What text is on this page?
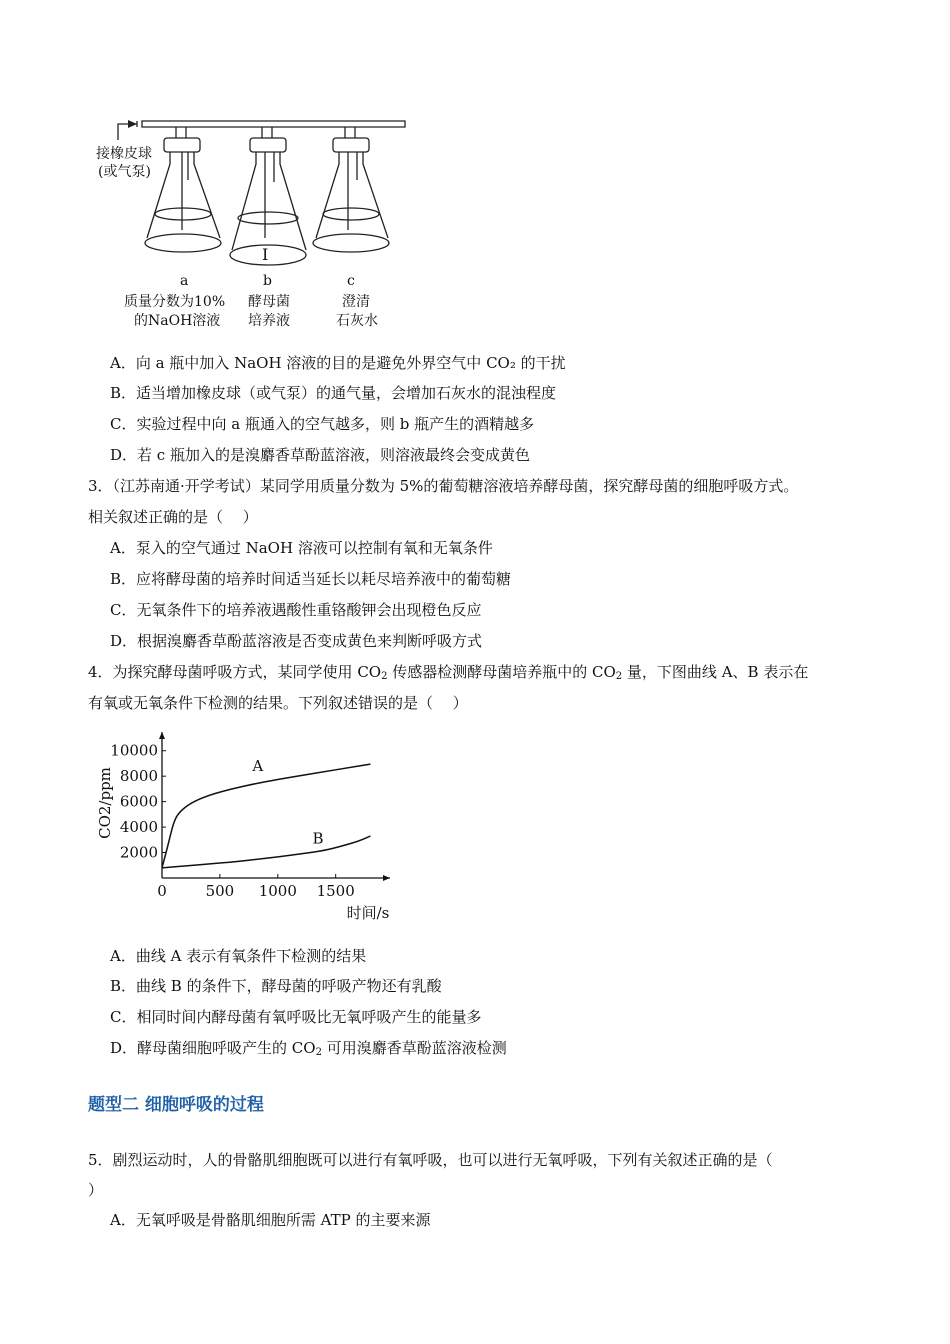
接橡皮球
(或气泵)
a
质量分数为10%
的NaOH溶液
I
b
酵母菌
培养液
c
澄清
石灰水
A．向 a 瓶中加入 NaOH 溶液的目的是避免外界空气中 CO₂ 的干扰
B．适当增加橡皮球（或气泵）的通气量，会增加石灰水的混浊程度
C．实验过程中向 a 瓶通入的空气越多，则 b 瓶产生的酒精越多
D．若 c 瓶加入的是溴麝香草酚蓝溶液，则溶液最终会变成黄色
3．（江苏南通·开学考试）某同学用质量分数为 5%的葡萄糖溶液培养酵母菌，探究酵母菌的细胞呼吸方式。
相关叙述正确的是（　 ）
A．泵入的空气通过 NaOH 溶液可以控制有氧和无氧条件
B．应将酵母菌的培养时间适当延长以耗尽培养液中的葡萄糖
C．无氧条件下的培养液遇酸性重铬酸钾会出现橙色反应
D．根据溴麝香草酚蓝溶液是否变成黄色来判断呼吸方式
4．为探究酵母菌呼吸方式，某同学使用 $CO_2$ 传感器检测酵母菌培养瓶中的 $CO_2$ 量，下图曲线 A、B 表示在
有氧或无氧条件下检测的结果。下列叙述错误的是（　 ）
CO2/ppm
时间/s
0	500 1000 1500
2000
4000
6000
8000
10000
A
B
A．曲线 A 表示有氧条件下检测的结果
B．曲线 B 的条件下，酵母菌的呼吸产物还有乳酸
C．相同时间内酵母菌有氧呼吸比无氧呼吸产生的能量多
D．酵母菌细胞呼吸产生的 $CO_2$ 可用溴麝香草酚蓝溶液检测
题型二 细胞呼吸的过程
5．剧烈运动时，人的骨骼肌细胞既可以进行有氧呼吸，也可以进行无氧呼吸，下列有关叙述正确的是（
）
A．无氧呼吸是骨骼肌细胞所需 ATP 的主要来源
